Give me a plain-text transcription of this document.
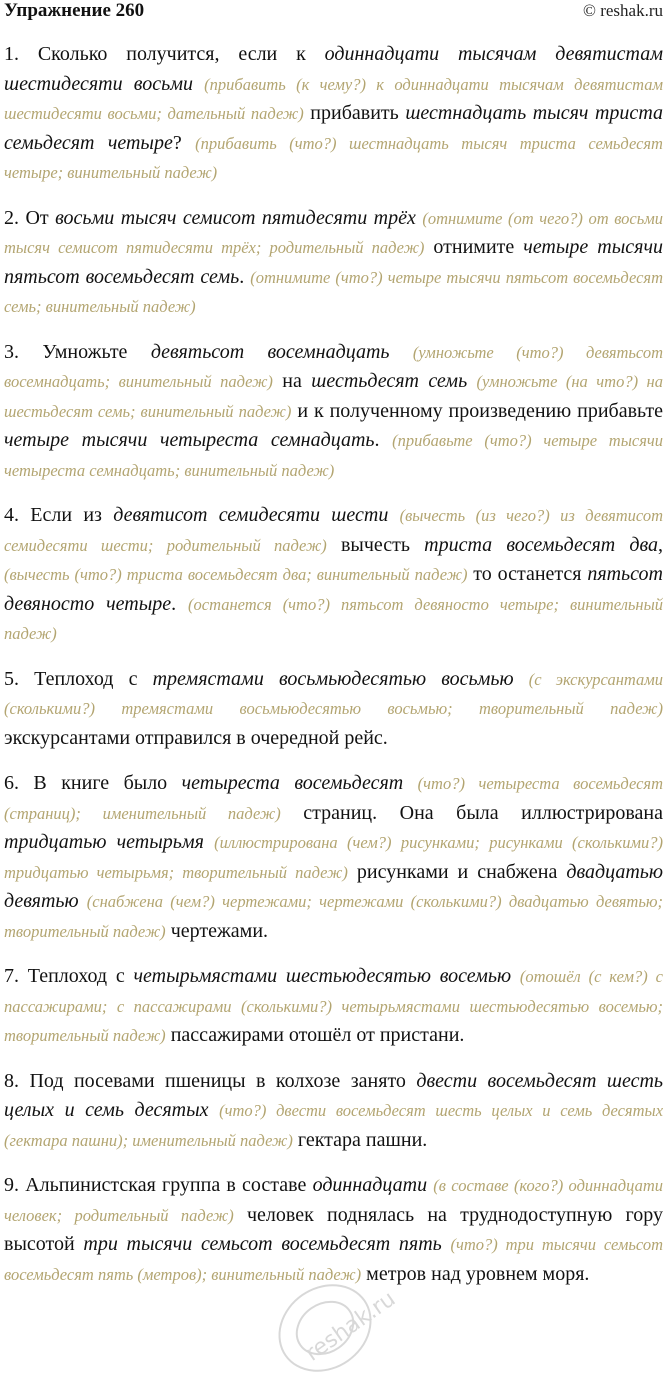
Упражнение 260	© reshak.ru

1. Сколько получится, если к одиннадцати тысячам девятистам шестидесяти восьми (прибавить (к чему?) к одиннадцати тысячам девятистам шестидесяти восьми; дательный падеж) прибавить шестнадцать тысяч триста семьдесят четыре? (прибавить (что?) шестнадцать тысяч триста семьдесят четыре; винительный падеж)

2. От восьми тысяч семисот пятидесяти трёх (отнимите (от чего?) от восьми тысяч семисот пятидесяти трёх; родительный падеж) отнимите четыре тысячи пятьсот восемьдесят семь. (отнимите (что?) четыре тысячи пятьсот восемьдесят семь; винительный падеж)

3. Умножьте девятьсот восемнадцать (умножьте (что?) девятьсот восемнадцать; винительный падеж) на шестьдесят семь (умножьте (на что?) на шестьдесят семь; винительный падеж) и к полученному произведению прибавьте четыре тысячи четыреста семнадцать. (прибавьте (что?) четыре тысячи четыреста семнадцать; винительный падеж)

4. Если из девятисот семидесяти шести (вычесть (из чего?) из девятисот семидесяти шести; родительный падеж) вычесть триста восемьдесят два, (вычесть (что?) триста восемьдесят два; винительный падеж) то останется пятьсот девяносто четыре. (останется (что?) пятьсот девяносто четыре; винительный падеж)

5. Теплоход с тремястами восьмьюдесятью восьмью (с экскурсантами (сколькими?) тремястами восьмьюдесятью восьмью; творительный падеж) экскурсантами отправился в очередной рейс.

6. В книге было четыреста восемьдесят (что?) четыреста восемьдесят (страниц); именительный падеж) страниц. Она была иллюстрирована тридцатью четырьмя (иллюстрирована (чем?) рисунками; рисунками (сколькими?) тридцатью четырьмя; творительный падеж) рисунками и снабжена двадцатью девятью (снабжена (чем?) чертежами; чертежами (сколькими?) двадцатью девятью; творительный падеж) чертежами.

7. Теплоход с четырьмястами шестьюдесятью восемью (отошёл (с кем?) с пассажирами; с пассажирами (сколькими?) четырьмястами шестьюдесятью восемью; творительный падеж) пассажирами отошёл от пристани.

8. Под посевами пшеницы в колхозе занято двести восемьдесят шесть целых и семь десятых (что?) двести восемьдесят шесть целых и семь десятых (гектара пашни); именительный падеж) гектара пашни.

9. Альпинистская группа в составе одиннадцати (в составе (кого?) одиннадцати человек; родительный падеж) человек поднялась на труднодоступную гору высотой три тысячи семьсот восемьдесят пять (что?) три тысячи семьсот восемьдесят пять (метров); винительный падеж) метров над уровнем моря.

reshak.ru
